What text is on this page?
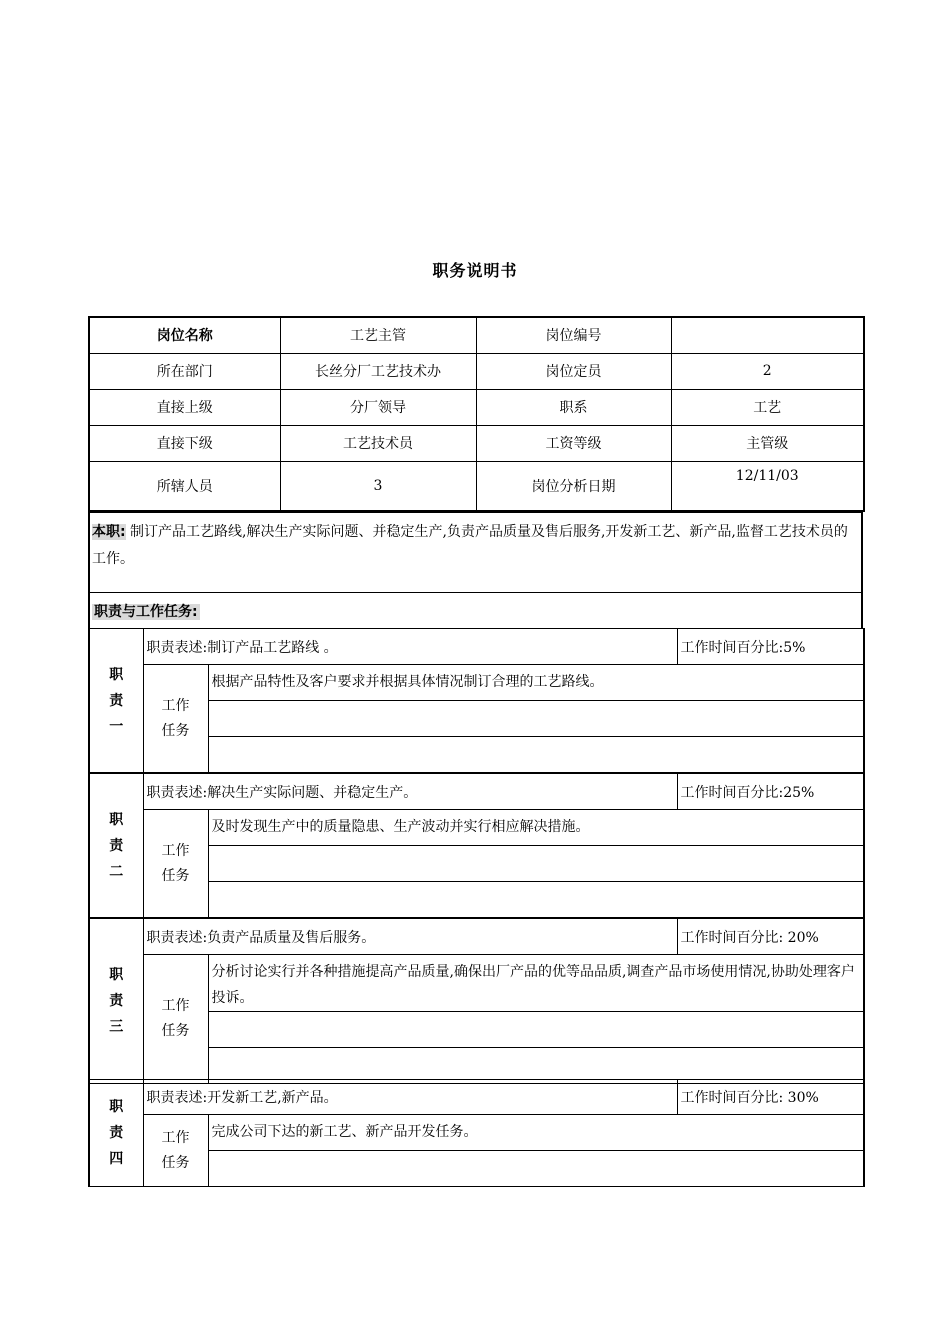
职务说明书
岗位名称	工艺主管	岗位编号	
所在部门	长丝分厂工艺技术办	岗位定员	2
直接上级	分厂领导	职系	工艺
直接下级	工艺技术员	工资等级	主管级
所辖人员	3	岗位分析日期	12/11/03
本职: 制订产品工艺路线,解决生产实际问题、并稳定生产,负责产品质量及售后服务,开发新工艺、新产品,监督工艺技术员的工作。
职责与工作任务:
职责一	职责表述:制订产品工艺路线 。		工作时间百分比:5%
	工作任务	根据产品特性及客户要求并根据具体情况制订合理的工艺路线。	

职责二	职责表述:解决生产实际问题、并稳定生产。		工作时间百分比:25%
	工作任务	及时发现生产中的质量隐患、生产波动并实行相应解决措施。	

职责三	职责表述:负责产品质量及售后服务。		工作时间百分比: 20%
	工作任务	分析讨论实行并各种措施提高产品质量,确保出厂产品的优等品品质,调查产品市场使用情况,协助处理客户投诉。	

职责四	职责表述:开发新工艺,新产品。		工作时间百分比: 30%
	工作任务	完成公司下达的新工艺、新产品开发任务。	
